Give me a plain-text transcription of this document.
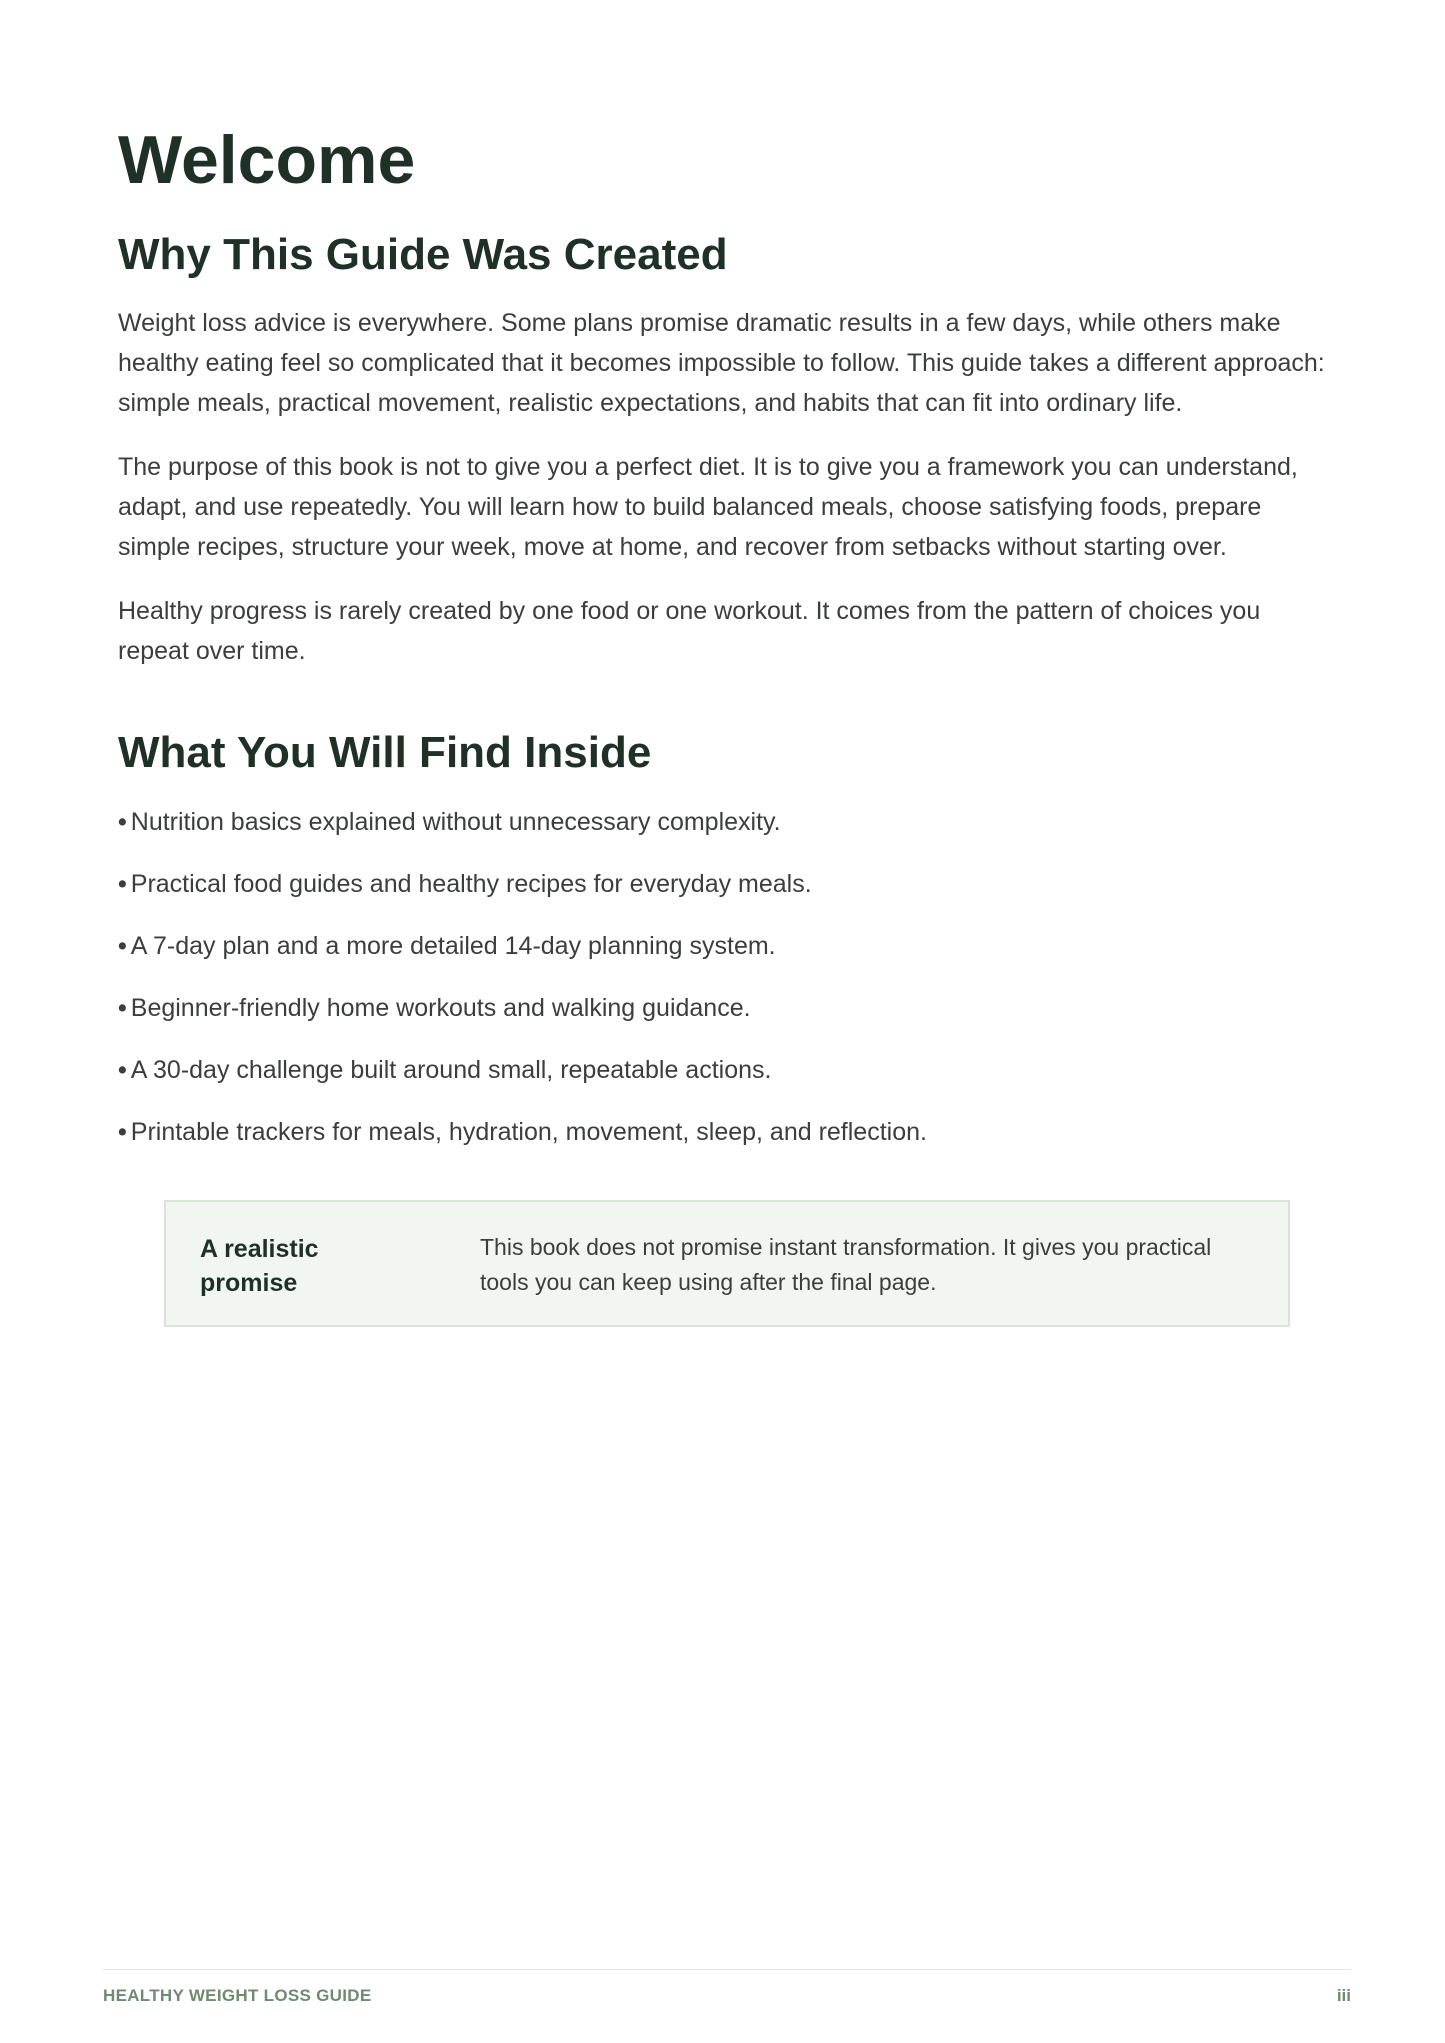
Welcome
Why This Guide Was Created

Weight loss advice is everywhere. Some plans promise dramatic results in a few days, while others make healthy eating feel so complicated that it becomes impossible to follow. This guide takes a different approach: simple meals, practical movement, realistic expectations, and habits that can fit into ordinary life.

The purpose of this book is not to give you a perfect diet. It is to give you a framework you can understand, adapt, and use repeatedly. You will learn how to build balanced meals, choose satisfying foods, prepare simple recipes, structure your week, move at home, and recover from setbacks without starting over.

Healthy progress is rarely created by one food or one workout. It comes from the pattern of choices you repeat over time.

What You Will Find Inside
• Nutrition basics explained without unnecessary complexity.
• Practical food guides and healthy recipes for everyday meals.
• A 7-day plan and a more detailed 14-day planning system.
• Beginner-friendly home workouts and walking guidance.
• A 30-day challenge built around small, repeatable actions.
• Printable trackers for meals, hydration, movement, sleep, and reflection.
A realistic promise
This book does not promise instant transformation. It gives you practical tools you can keep using after the final page.
HEALTHY WEIGHT LOSS GUIDE	iii
